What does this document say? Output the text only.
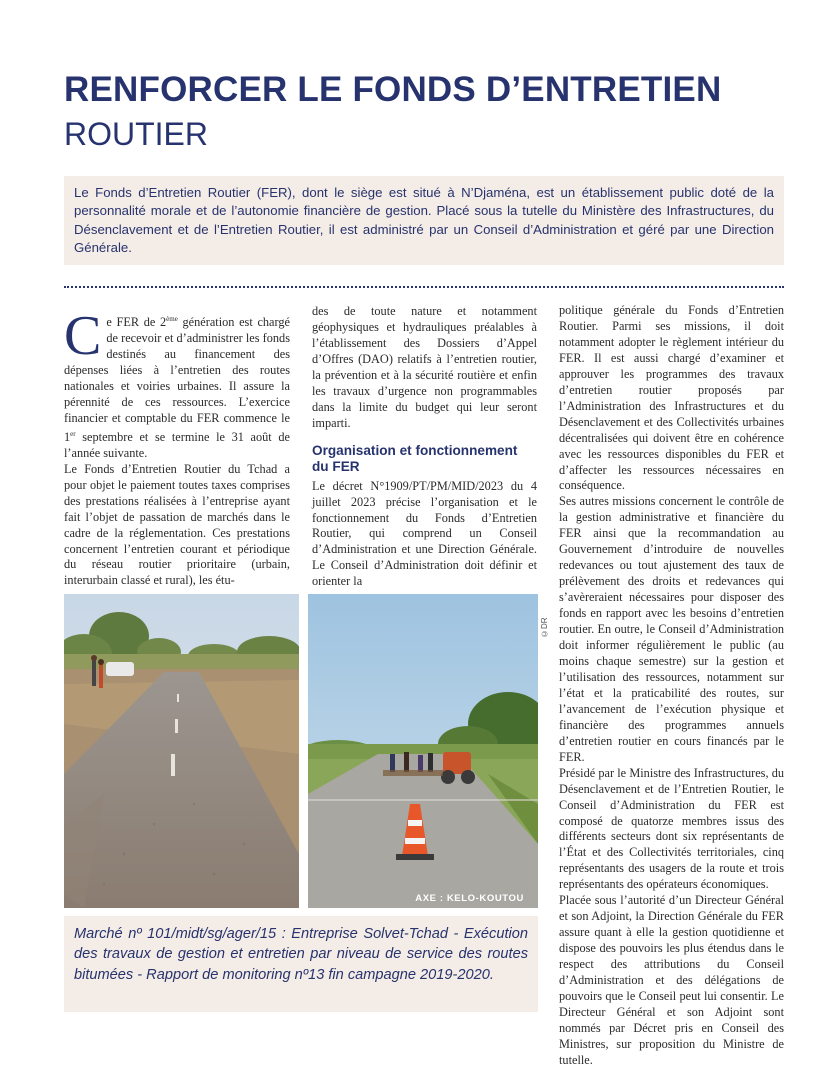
RENFORCER LE FONDS D’ENTRETIEN
ROUTIER

Le Fonds d’Entretien Routier (FER), dont le siège est situé à N’Djaména, est un établissement public doté de la personnalité morale et de l’autonomie financière de gestion. Placé sous la tutelle du Ministère des Infrastructures, du Désenclavement et de l’Entretien Routier, il est administré par un Conseil d’Administration et géré par une Direction Générale.

Ce FER de 2ème génération est chargé de recevoir et d’administrer les fonds destinés au financement des dépenses liées à l’entretien des routes nationales et voiries urbaines. Il assure la pérennité de ces ressources. L’exercice financier et comptable du FER commence le 1er septembre et se termine le 31 août de l’année suivante.

Le Fonds d’Entretien Routier du Tchad a pour objet le paiement toutes taxes comprises des prestations réalisées à l’entreprise ayant fait l’objet de passation de marchés dans le cadre de la réglementation. Ces prestations concernent l’entretien courant et périodique du réseau routier prioritaire (urbain, interurbain classé et rural), les étu-

des de toute nature et notamment géophysiques et hydrauliques préalables à l’établissement des Dossiers d’Appel d’Offres (DAO) relatifs à l’entretien routier, la prévention et à la sécurité routière et enfin les travaux d’urgence non programmables dans la limite du budget qui leur seront imparti.

Organisation et fonctionnement du FER

Le décret N°1909/PT/PM/MID/2023 du 4 juillet 2023 précise l’organisation et le fonctionnement du Fonds d’Entretien Routier, qui comprend un Conseil d’Administration et une Direction Générale. Le Conseil d’Administration doit définir et orienter la

politique générale du Fonds d’Entretien Routier. Parmi ses missions, il doit notamment adopter le règlement intérieur du FER. Il est aussi chargé d’examiner et approuver les programmes des travaux d’entretien routier proposés par l’Administration des Infrastructures et du Désenclavement et des Collectivités urbaines décentralisées qui doivent être en cohérence avec les ressources disponibles du FER et d’affecter les ressources nécessaires en conséquence.

Ses autres missions concernent le contrôle de la gestion administrative et financière du FER ainsi que la recommandation au Gouvernement d’introduire de nouvelles redevances ou tout ajustement des taux de prélèvement des droits et redevances qui s’avèreraient nécessaires pour disposer des fonds en rapport avec les besoins d’entretien routier. En outre, le Conseil d’Administration doit informer régulièrement le public (au moins chaque semestre) sur la gestion et l’utilisation des ressources, notamment sur l’état et la praticabilité des routes, sur l’avancement de l’exécution physique et financière des programmes annuels d’entretien routier en cours financés par le FER.

Présidé par le Ministre des Infrastructures, du Désenclavement et de l’Entretien Routier, le Conseil d’Administration du FER est composé de quatorze membres issus des différents secteurs dont six représentants de l’État et des Collectivités territoriales, cinq représentants des usagers de la route et trois représentants des opérateurs économiques.

Placée sous l’autorité d’un Directeur Général et son Adjoint, la Direction Générale du FER assure quant à elle la gestion quotidienne et dispose des pouvoirs les plus étendus dans le respect des attributions du Conseil d’Administration et des délégations de pouvoirs que le Conseil peut lui consentir. Le Directeur Général et son Adjoint sont nommés par Décret pris en Conseil des Ministres, sur proposition du Ministre de tutelle.

AXE : KELO-KOUTOU
©DR

Marché nº 101/midt/sg/ager/15 : Entreprise Solvet-Tchad - Exécution des travaux de gestion et entretien par niveau de service des routes bitumées - Rapport de monitoring nº13 fin campagne 2019-2020.
